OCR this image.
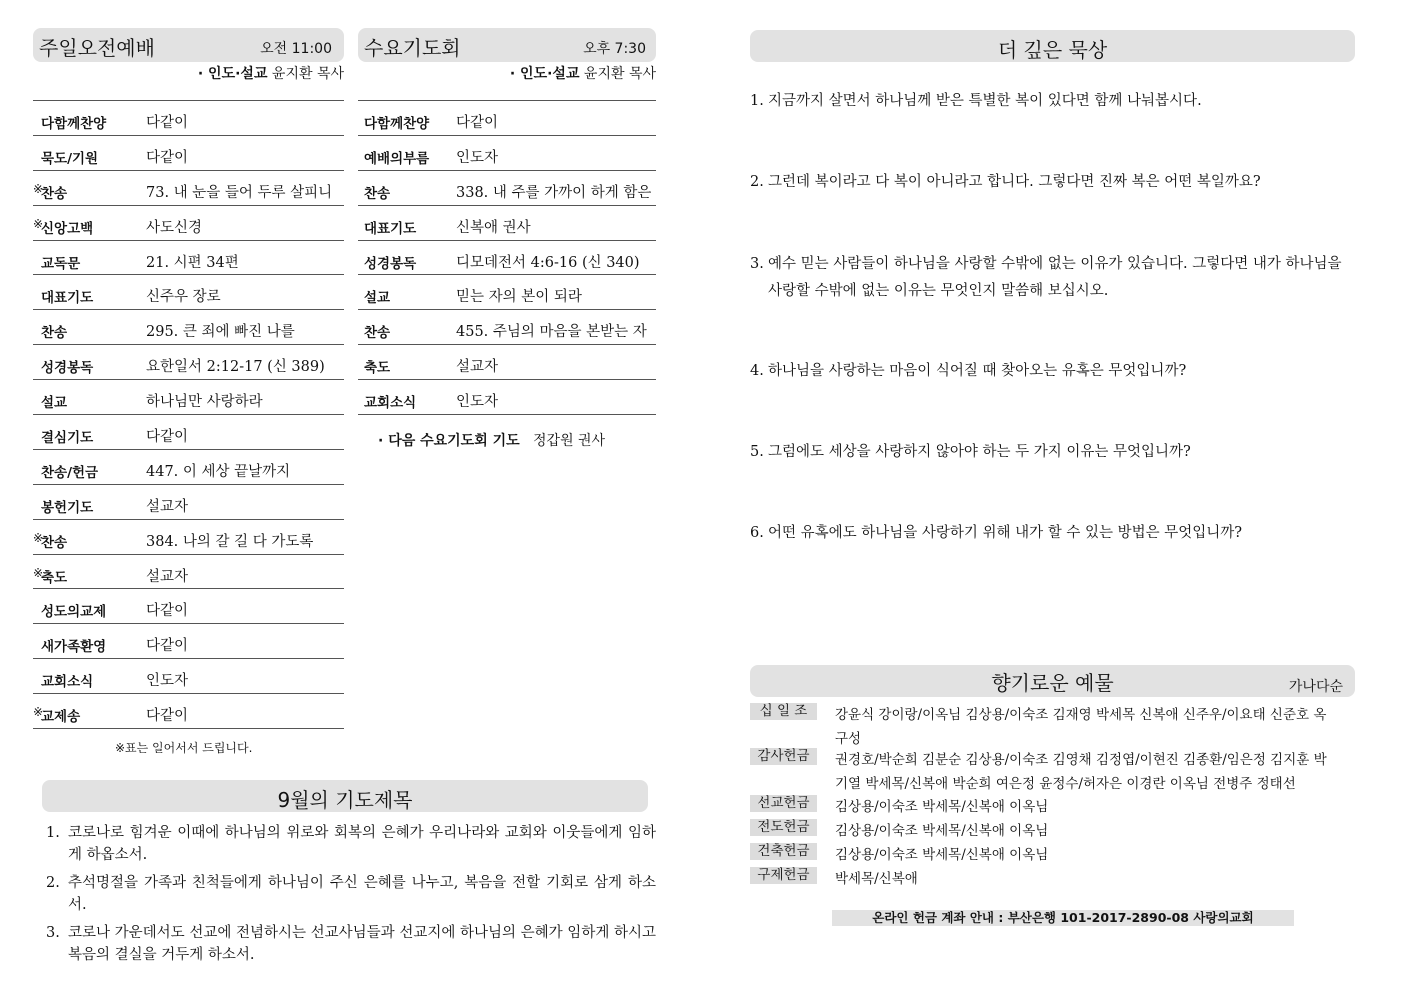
주일오전예배	오전 11:00
· 인도·설교 윤지환 목사
다함께찬양	다같이
묵도/기원	다같이
※
찬송	73. 내 눈을 들어 두루 살피니
※
신앙고백	사도신경
교독문	21. 시편 34편
대표기도	신주우 장로
찬송	295. 큰 죄에 빠진 나를
성경봉독	요한일서 2:12-17 (신 389)
설교	하나님만 사랑하라
결심기도	다같이
찬송/헌금	447. 이 세상 끝날까지
봉헌기도	설교자
※
찬송	384. 나의 갈 길 다 가도록
※
축도	설교자
성도의교제	다같이
새가족환영	다같이
교회소식	인도자
※
교제송	다같이
※표는 일어서서 드립니다.
수요기도회	오후 7:30
· 인도·설교 윤지환 목사
다함께찬양	다같이
예배의부름	인도자
찬송	338. 내 주를 가까이 하게 함은
대표기도	신복애 권사
성경봉독	디모데전서 4:6-16 (신 340)
설교	믿는 자의 본이 되라
찬송	455. 주님의 마음을 본받는 자
축도	설교자
교회소식	인도자
· 다음 수요기도회 기도 정갑원 권사
9월의 기도제목
1. 코로나로 힘겨운 이때에 하나님의 위로와 회복의 은혜가 우리나라와 교회와 이웃들에게 임하게 하옵소서.
2. 추석명절을 가족과 친척들에게 하나님이 주신 은혜를 나누고, 복음을 전할 기회로 삼게 하소서.
3. 코로나 가운데서도 선교에 전념하시는 선교사님들과 선교지에 하나님의 은혜가 임하게 하시고 복음의 결실을 거두게 하소서.
더 깊은 묵상
1. 지금까지 살면서 하나님께 받은 특별한 복이 있다면 함께 나눠봅시다.
2. 그런데 복이라고 다 복이 아니라고 합니다. 그렇다면 진짜 복은 어떤 복일까요?
3. 예수 믿는 사람들이 하나님을 사랑할 수밖에 없는 이유가 있습니다. 그렇다면 내가 하나님을 사랑할 수밖에 없는 이유는 무엇인지 말씀해 보십시오.
4. 하나님을 사랑하는 마음이 식어질 때 찾아오는 유혹은 무엇입니까?
5. 그럼에도 세상을 사랑하지 않아야 하는 두 가지 이유는 무엇입니까?
6. 어떤 유혹에도 하나님을 사랑하기 위해 내가 할 수 있는 방법은 무엇입니까?
향기로운 예물	가나다순
십 일 조	강윤식 강이랑/이옥님 김상용/이숙조 김재영 박세목 신복애 신주우/이요태 신준호 옥구성
감사헌금	권경호/박순희 김분순 김상용/이숙조 김영채 김정엽/이현진 김종환/임은정 김지훈 박기열 박세목/신복애 박순희 여은정 윤정수/허자은 이경란 이옥님 전병주 정태선
선교헌금	김상용/이숙조 박세목/신복애 이옥님
전도헌금	김상용/이숙조 박세목/신복애 이옥님
건축헌금	김상용/이숙조 박세목/신복애 이옥님
구제헌금	박세목/신복애
온라인 헌금 계좌 안내 : 부산은행 101-2017-2890-08 사랑의교회
